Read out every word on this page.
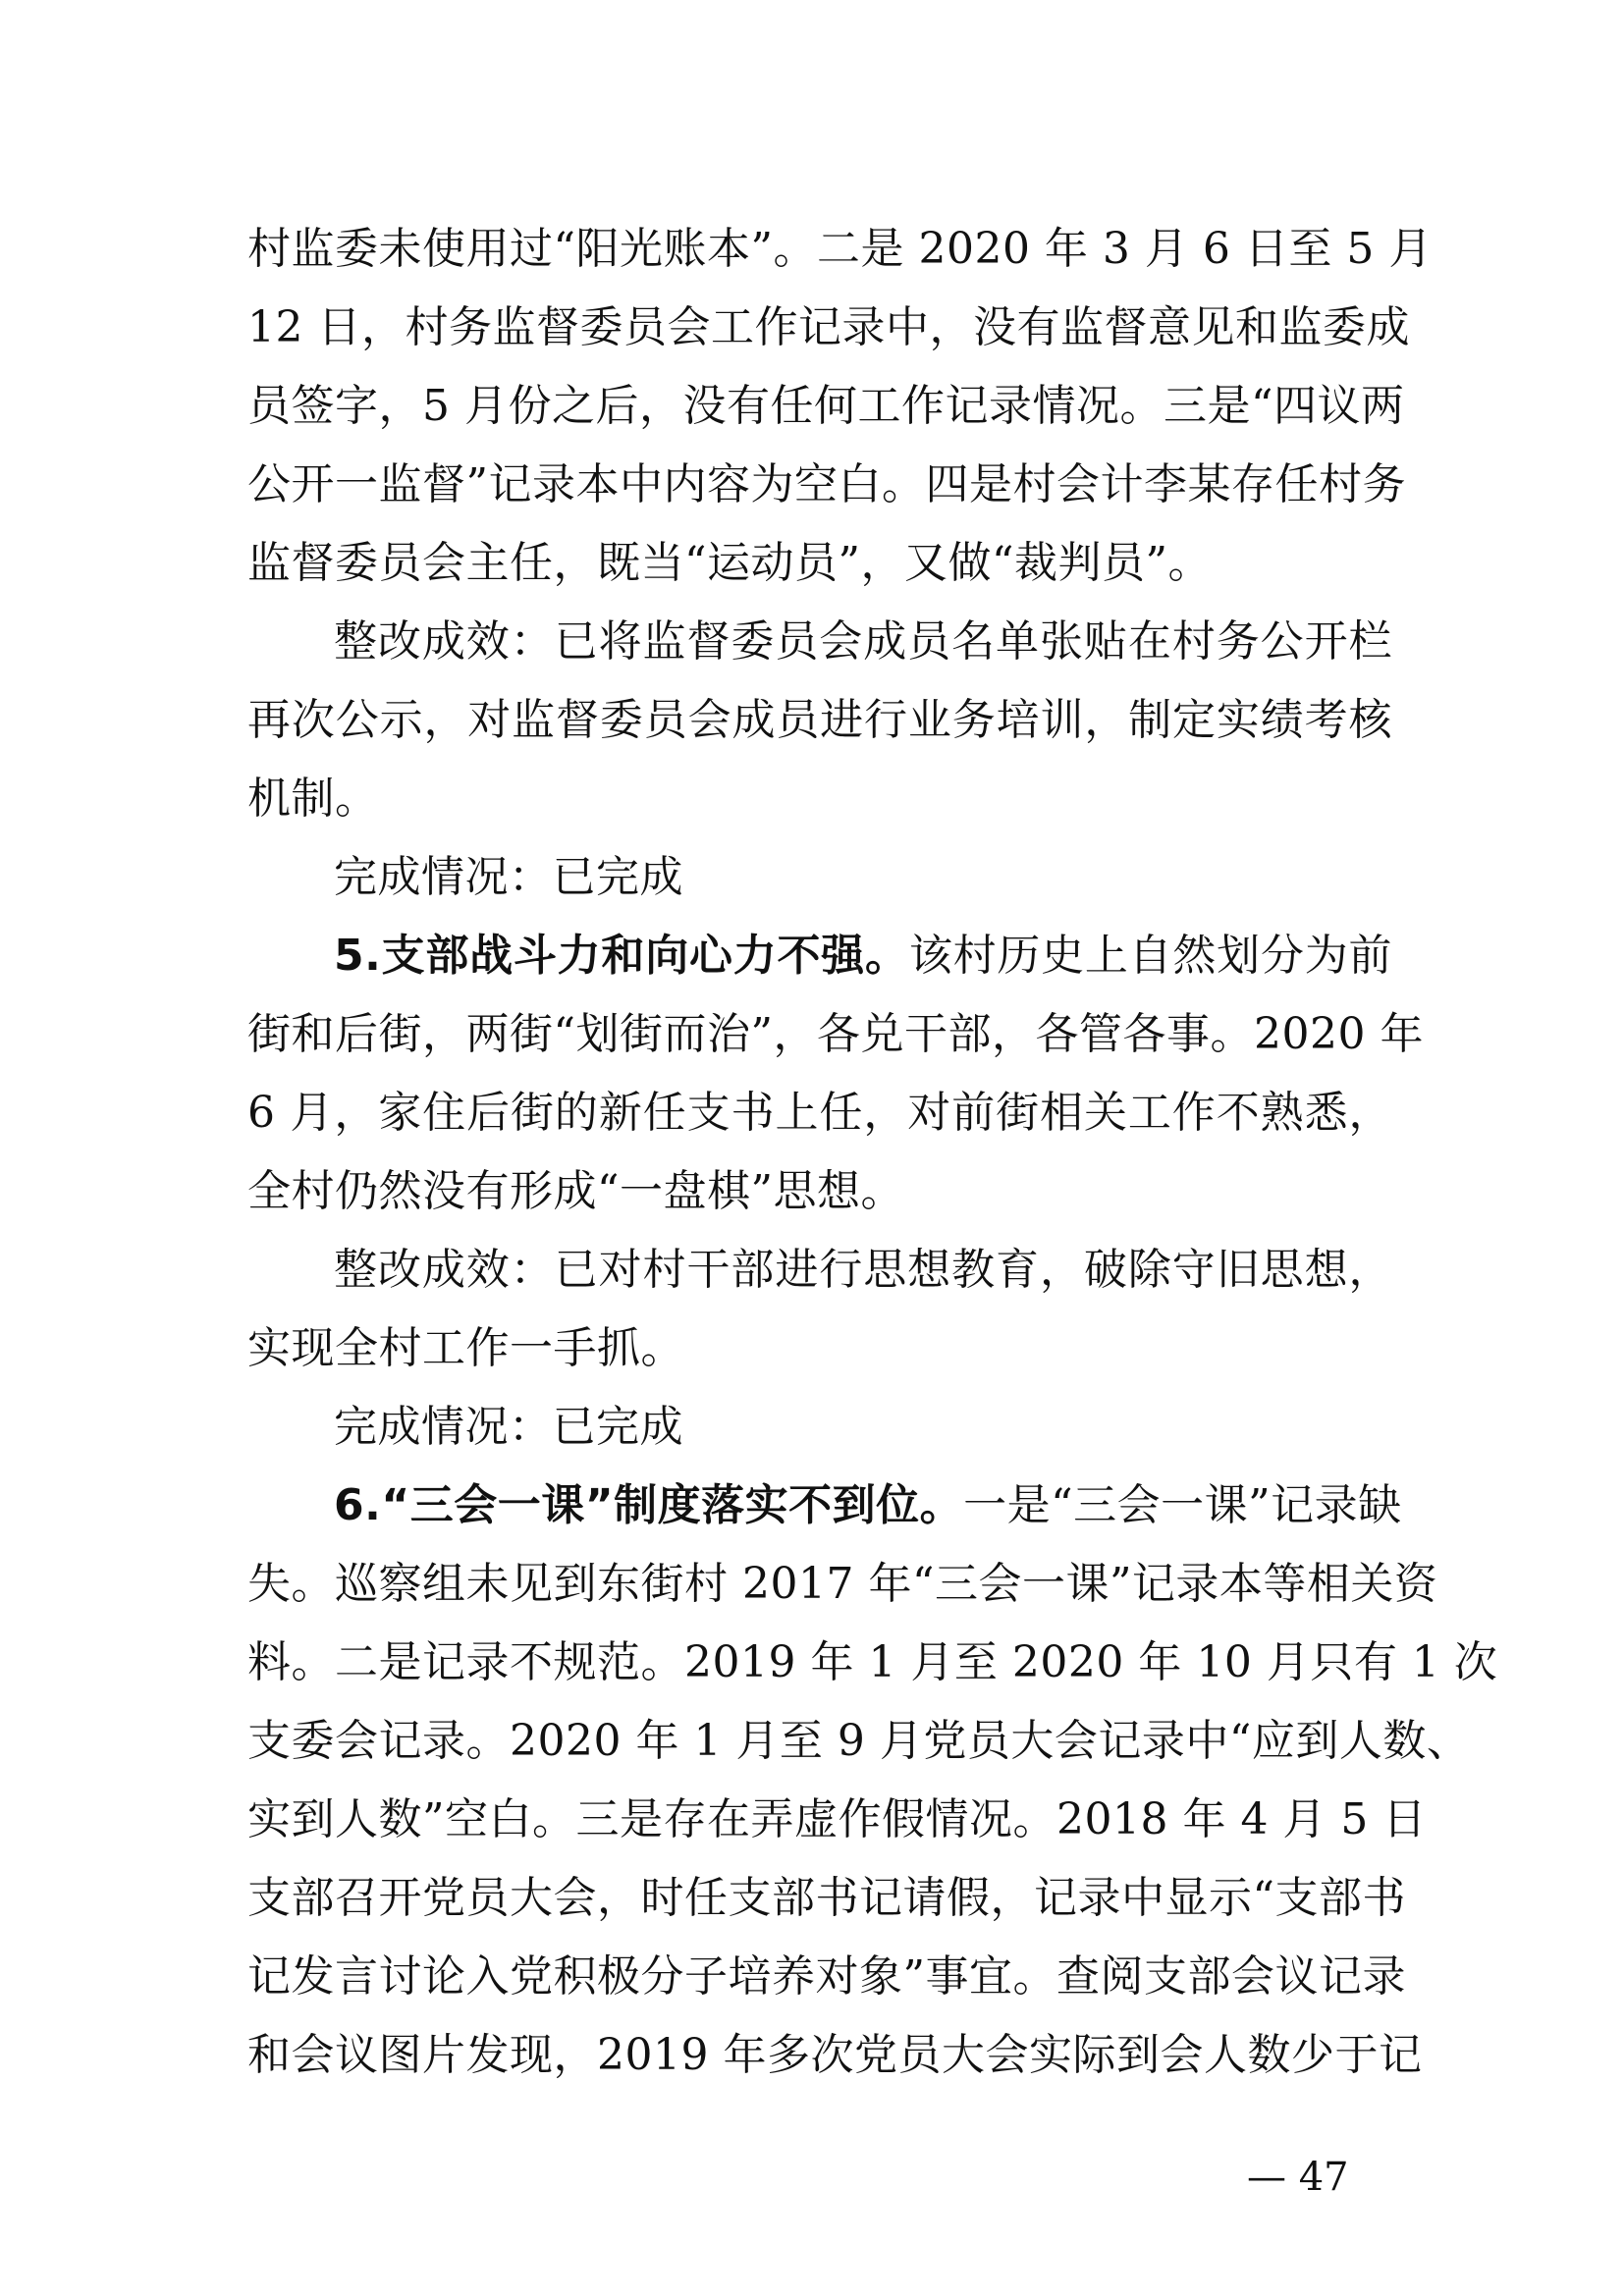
村监委未使用过“阳光账本”。二是 2020 年 3 月 6 日至 5 月
12 日，村务监督委员会工作记录中，没有监督意见和监委成
员签字，5 月份之后，没有任何工作记录情况。三是“四议两
公开一监督”记录本中内容为空白。四是村会计李某存任村务
监督委员会主任，既当“运动员”，又做“裁判员”。
整改成效：已将监督委员会成员名单张贴在村务公开栏
再次公示，对监督委员会成员进行业务培训，制定实绩考核
机制。
完成情况：已完成
5.支部战斗力和向心力不强。该村历史上自然划分为前
街和后街，两街“划街而治”，各兑干部，各管各事。2020 年
6 月，家住后街的新任支书上任，对前街相关工作不熟悉，
全村仍然没有形成“一盘棋”思想。
整改成效：已对村干部进行思想教育，破除守旧思想，
实现全村工作一手抓。
完成情况：已完成
6.“三会一课”制度落实不到位。一是“三会一课”记录缺
失。巡察组未见到东街村 2017 年“三会一课”记录本等相关资
料。二是记录不规范。2019 年 1 月至 2020 年 10 月只有 1 次
支委会记录。2020 年 1 月至 9 月党员大会记录中“应到人数、
实到人数”空白。三是存在弄虚作假情况。2018 年 4 月 5 日
支部召开党员大会，时任支部书记请假，记录中显示“支部书
记发言讨论入党积极分子培养对象”事宜。查阅支部会议记录
和会议图片发现，2019 年多次党员大会实际到会人数少于记
— 47
